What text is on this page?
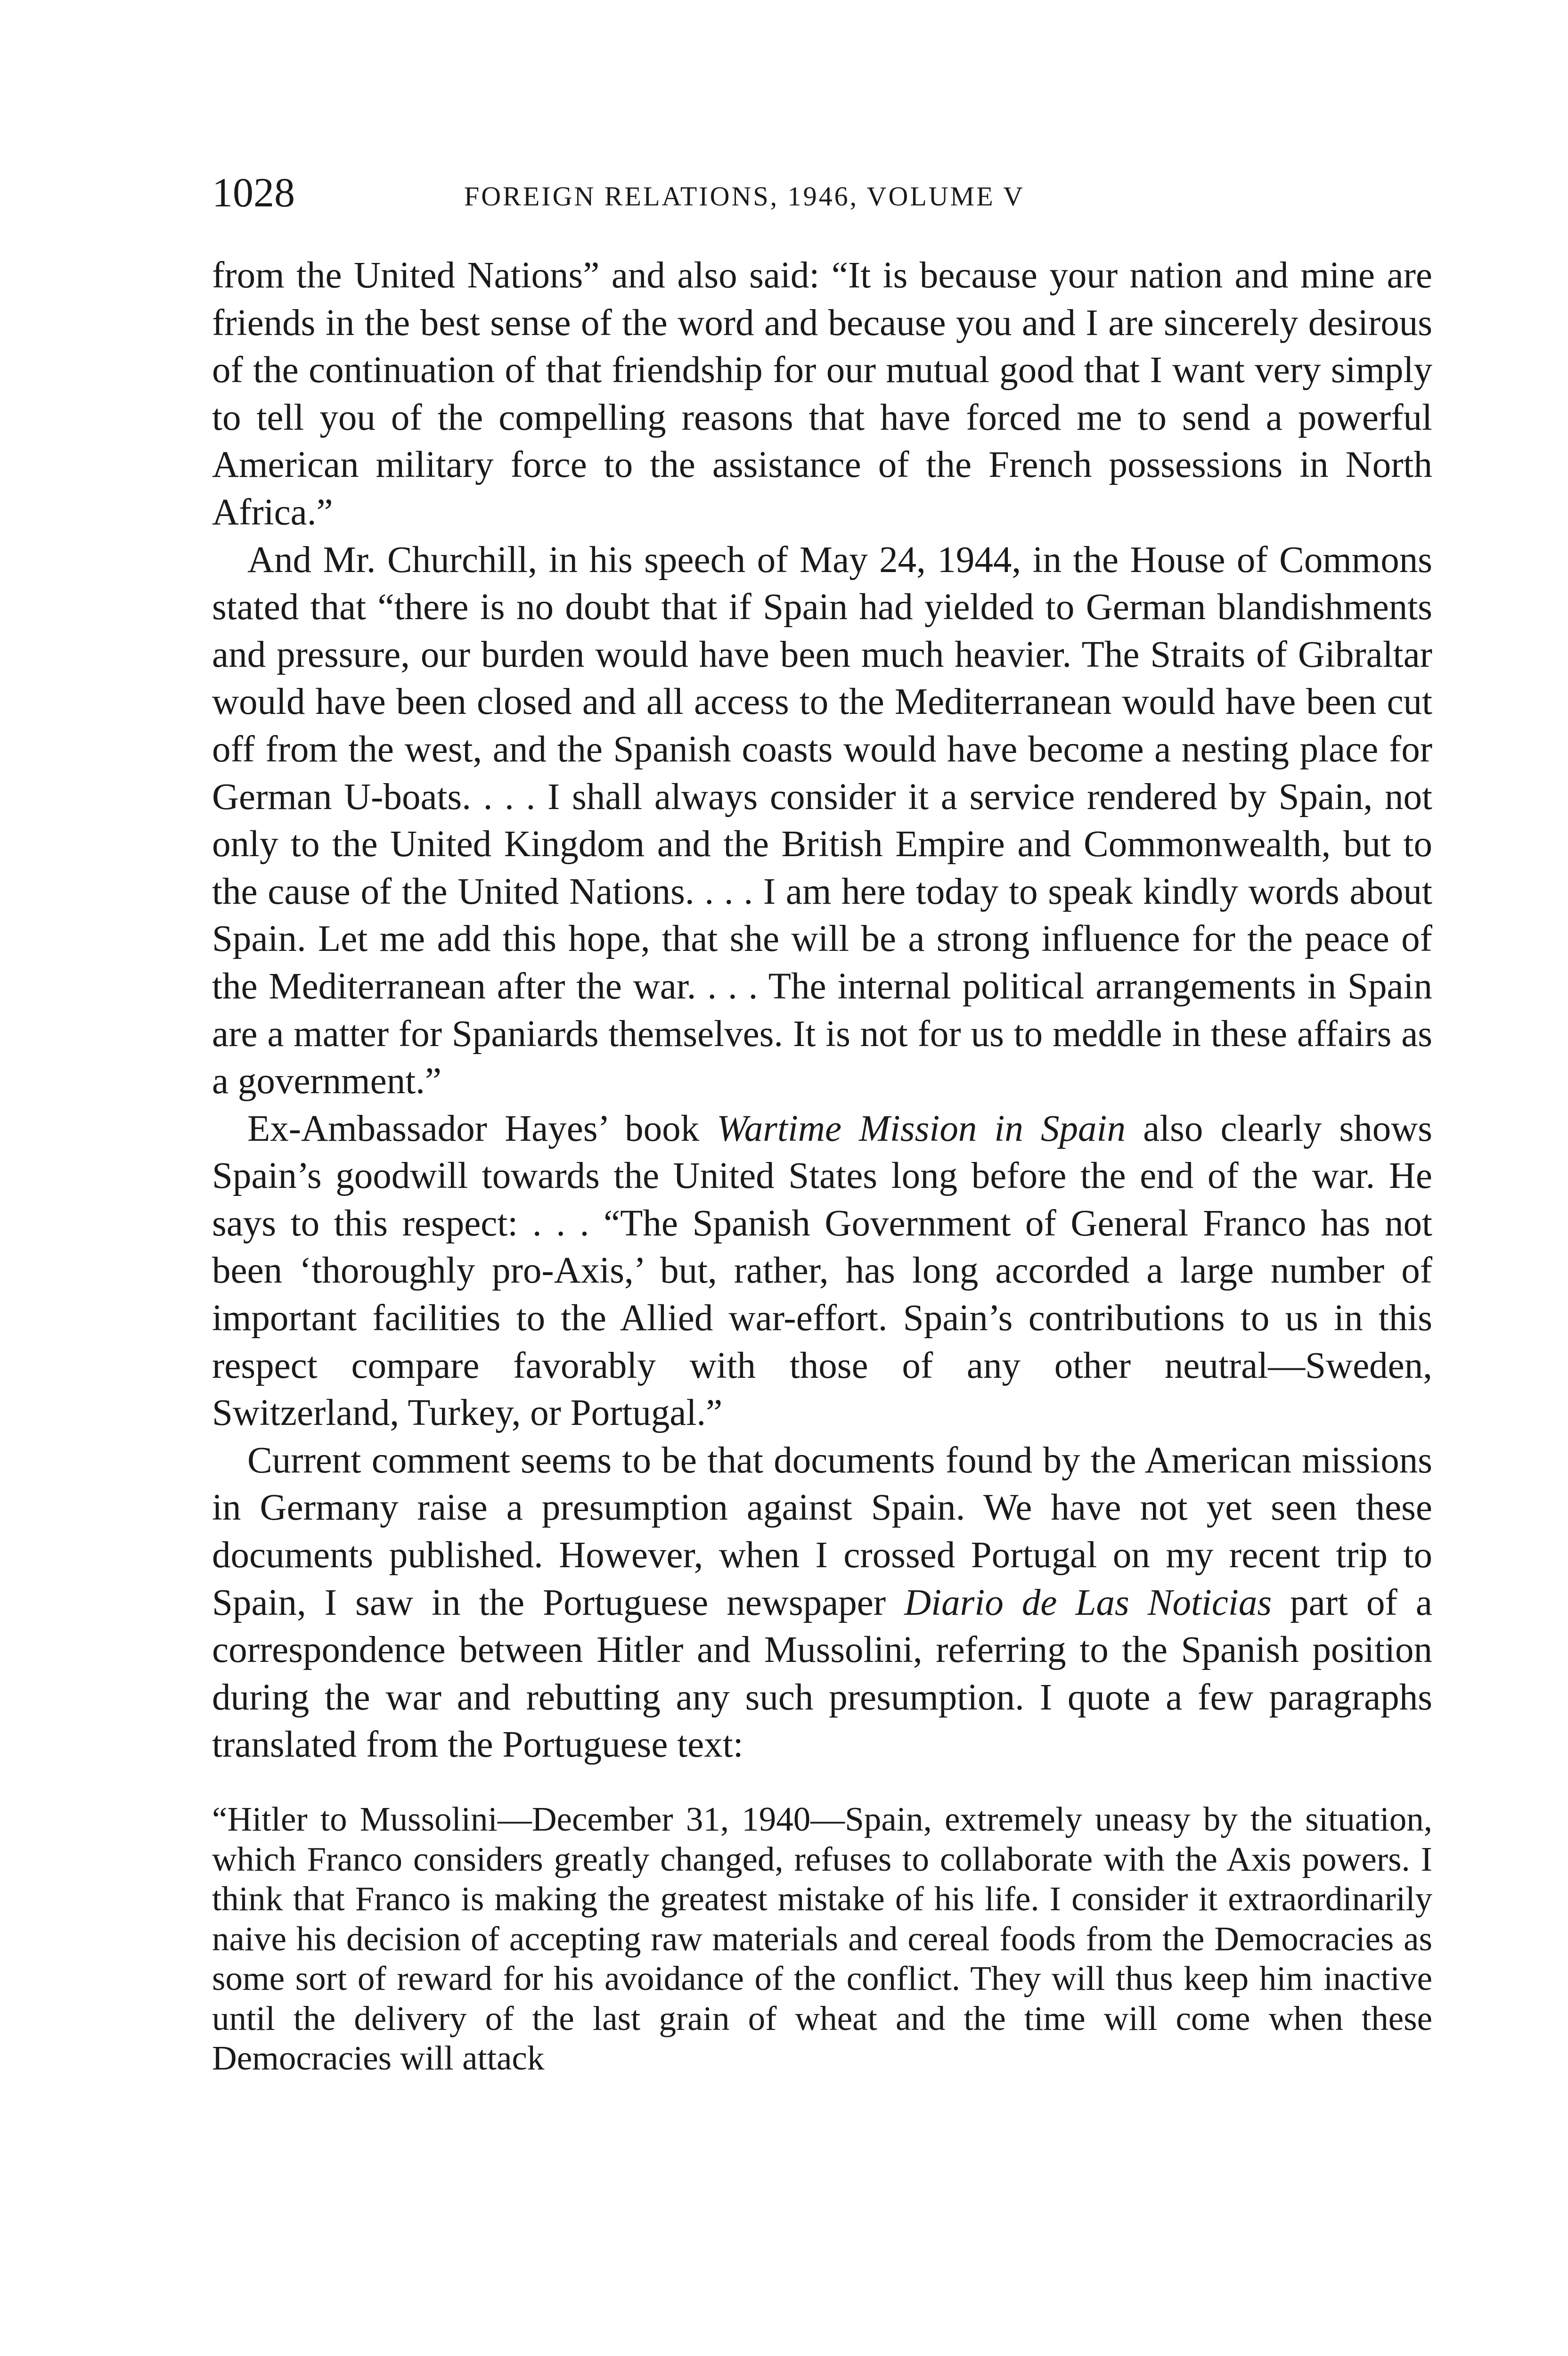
1028	FOREIGN RELATIONS, 1946, VOLUME V

from the United Nations” and also said: “It is because your nation and mine are friends in the best sense of the word and because you and I are sincerely desirous of the continuation of that friendship for our mutual good that I want very simply to tell you of the compelling reasons that have forced me to send a powerful American military force to the assistance of the French possessions in North Africa.”

And Mr. Churchill, in his speech of May 24, 1944, in the House of Commons stated that “there is no doubt that if Spain had yielded to German blandishments and pressure, our burden would have been much heavier. The Straits of Gibraltar would have been closed and all access to the Mediterranean would have been cut off from the west, and the Spanish coasts would have become a nesting place for German U-boats. . . . I shall always consider it a service rendered by Spain, not only to the United Kingdom and the British Empire and Commonwealth, but to the cause of the United Nations. . . . I am here today to speak kindly words about Spain. Let me add this hope, that she will be a strong influence for the peace of the Mediterranean after the war. . . . The internal political arrangements in Spain are a matter for Spaniards themselves. It is not for us to meddle in these affairs as a government.”

Ex-Ambassador Hayes’ book Wartime Mission in Spain also clearly shows Spain’s goodwill towards the United States long before the end of the war. He says to this respect: . . . “The Spanish Government of General Franco has not been ‘thoroughly pro-Axis,’ but, rather, has long accorded a large number of important facilities to the Allied war-effort. Spain’s contributions to us in this respect compare favorably with those of any other neutral—Sweden, Switzerland, Turkey, or Portugal.”

Current comment seems to be that documents found by the American missions in Germany raise a presumption against Spain. We have not yet seen these documents published. However, when I crossed Portugal on my recent trip to Spain, I saw in the Portuguese newspaper Diario de Las Noticias part of a correspondence between Hitler and Mussolini, referring to the Spanish position during the war and rebutting any such presumption. I quote a few paragraphs translated from the Portuguese text:

“Hitler to Mussolini—December 31, 1940—Spain, extremely uneasy by the situation, which Franco considers greatly changed, refuses to collaborate with the Axis powers. I think that Franco is making the greatest mistake of his life. I consider it extraordinarily naive his decision of accepting raw materials and cereal foods from the Democracies as some sort of reward for his avoidance of the conflict. They will thus keep him inactive until the delivery of the last grain of wheat and the time will come when these Democracies will attack
